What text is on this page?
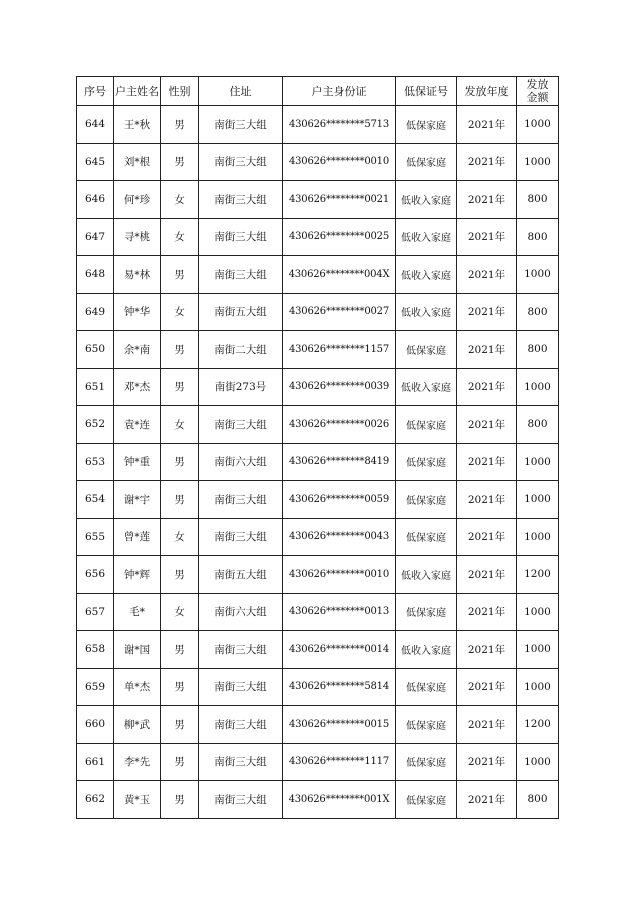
序号	户主姓名	性别	住址	户主身份证	低保证号	发放年度	发放金额
644	王*秋	男	南街三大组	430626********5713	低保家庭	2021年	1000
645	刘*根	男	南街三大组	430626********0010	低保家庭	2021年	1000
646	何*珍	女	南街三大组	430626********0021	低收入家庭	2021年	800
647	寻*桃	女	南街三大组	430626********0025	低收入家庭	2021年	800
648	易*林	男	南街三大组	430626********004X	低收入家庭	2021年	1000
649	钟*华	女	南街五大组	430626********0027	低收入家庭	2021年	800
650	余*南	男	南街二大组	430626********1157	低保家庭	2021年	800
651	邓*杰	男	南街273号	430626********0039	低收入家庭	2021年	1000
652	袁*连	女	南街三大组	430626********0026	低保家庭	2021年	800
653	钟*重	男	南街六大组	430626********8419	低保家庭	2021年	1000
654	谢*宇	男	南街三大组	430626********0059	低保家庭	2021年	1000
655	曾*莲	女	南街三大组	430626********0043	低保家庭	2021年	1000
656	钟*辉	男	南街五大组	430626********0010	低收入家庭	2021年	1200
657	毛*	女	南街六大组	430626********0013	低保家庭	2021年	1000
658	谢*国	男	南街三大组	430626********0014	低收入家庭	2021年	1000
659	单*杰	男	南街三大组	430626********5814	低保家庭	2021年	1000
660	柳*武	男	南街三大组	430626********0015	低保家庭	2021年	1200
661	李*先	男	南街三大组	430626********1117	低保家庭	2021年	1000
662	黄*玉	男	南街三大组	430626********001X	低保家庭	2021年	800
